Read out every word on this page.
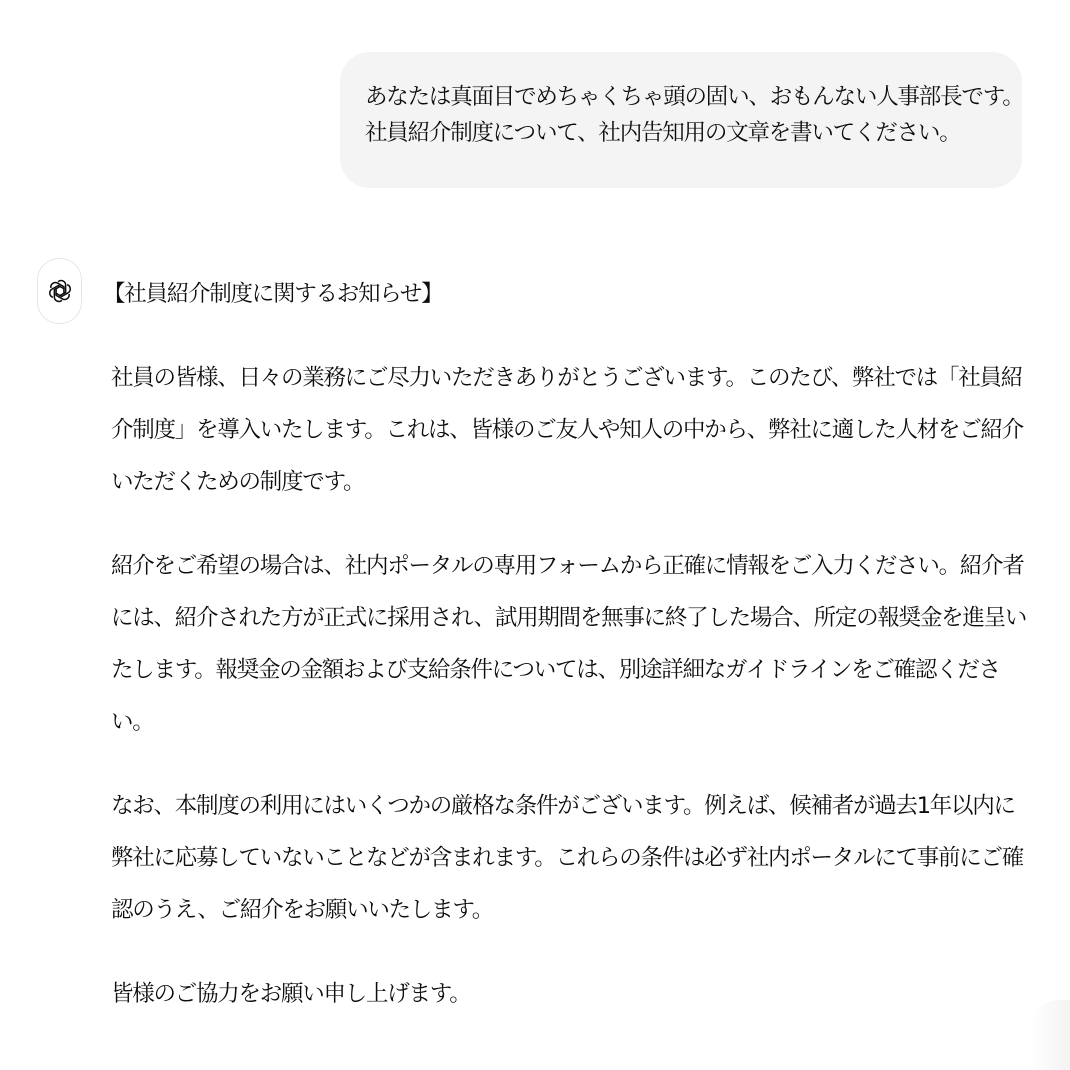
あなたは真面目でめちゃくちゃ頭の固い、おもんない人事部長です。

社員紹介制度について、社内告知用の文章を書いてください。

【社員紹介制度に関するお知らせ】

社員の皆様、日々の業務にご尽力いただきありがとうございます。このたび、弊社では「社員紹介制度」を導入いたします。これは、皆様のご友人や知人の中から、弊社に適した人材をご紹介いただくための制度です。

紹介をご希望の場合は、社内ポータルの専用フォームから正確に情報をご入力ください。紹介者には、紹介された方が正式に採用され、試用期間を無事に終了した場合、所定の報奨金を進呈いたします。報奨金の金額および支給条件については、別途詳細なガイドラインをご確認ください。

なお、本制度の利用にはいくつかの厳格な条件がございます。例えば、候補者が過去1年以内に弊社に応募していないことなどが含まれます。これらの条件は必ず社内ポータルにて事前にご確認のうえ、ご紹介をお願いいたします。

皆様のご協力をお願い申し上げます。
